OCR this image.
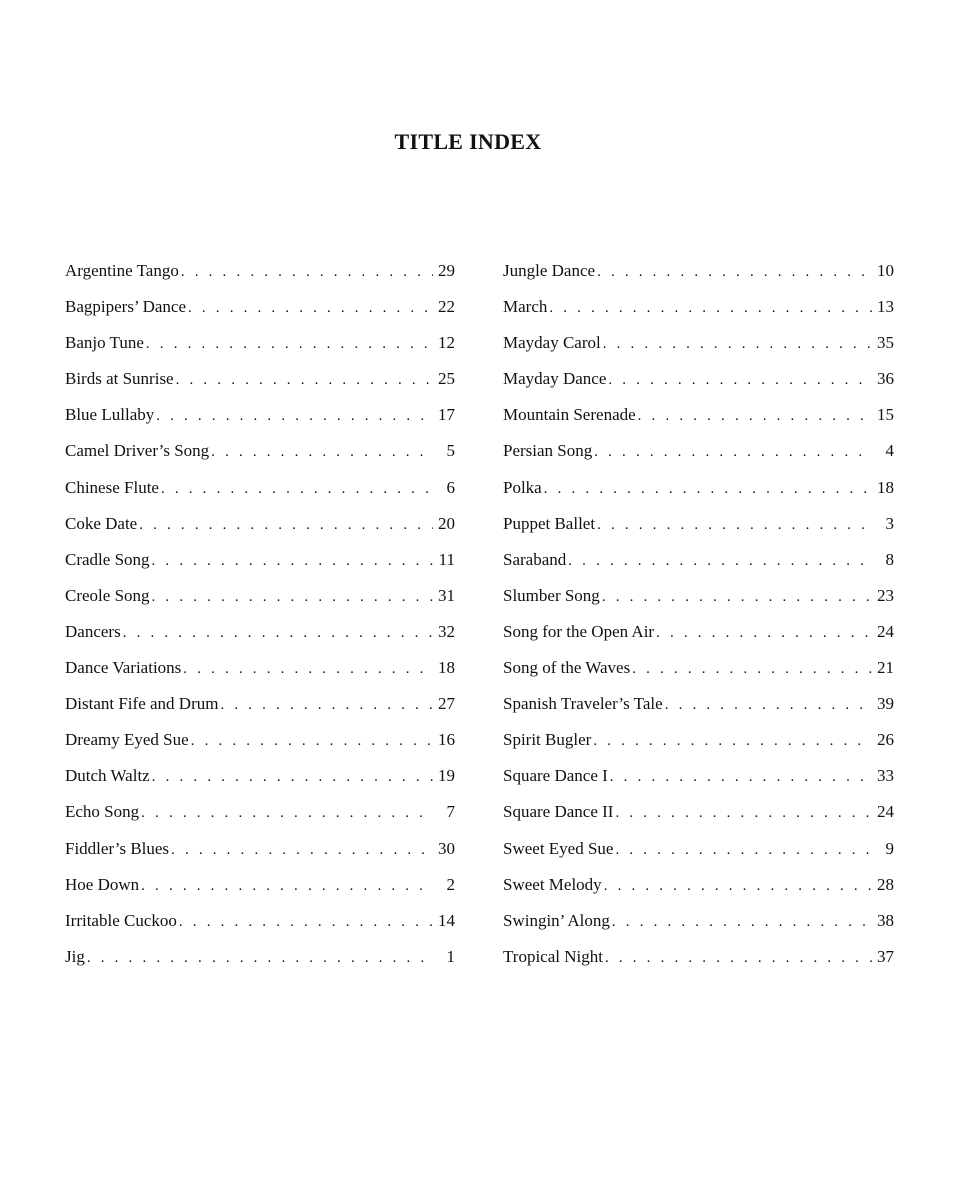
TITLE INDEX
Argentine Tango . . .	29
Bagpipers’ Dance . . .	22
Banjo Tune . . .	12
Birds at Sunrise . . .	25
Blue Lullaby . . .	17
Camel Driver’s Song . . .	5
Chinese Flute . . .	6
Coke Date . . .	20
Cradle Song . . .	11
Creole Song . . .	31
Dancers . . .	32
Dance Variations . . .	18
Distant Fife and Drum . . .	27
Dreamy Eyed Sue . . .	16
Dutch Waltz . . .	19
Echo Song . . .	7
Fiddler’s Blues . . .	30
Hoe Down . . .	2
Irritable Cuckoo . . .	14
Jig . . .	1
Jungle Dance . . .	10
March . . .	13
Mayday Carol . . .	35
Mayday Dance . . .	36
Mountain Serenade . . .	15
Persian Song . . .	4
Polka . . .	18
Puppet Ballet . . .	3
Saraband . . .	8
Slumber Song . . .	23
Song for the Open Air . . .	24
Song of the Waves . . .	21
Spanish Traveler’s Tale . . .	39
Spirit Bugler . . .	26
Square Dance I . . .	33
Square Dance II . . .	24
Sweet Eyed Sue . . .	9
Sweet Melody . . .	28
Swingin’ Along . . .	38
Tropical Night . . .	37
